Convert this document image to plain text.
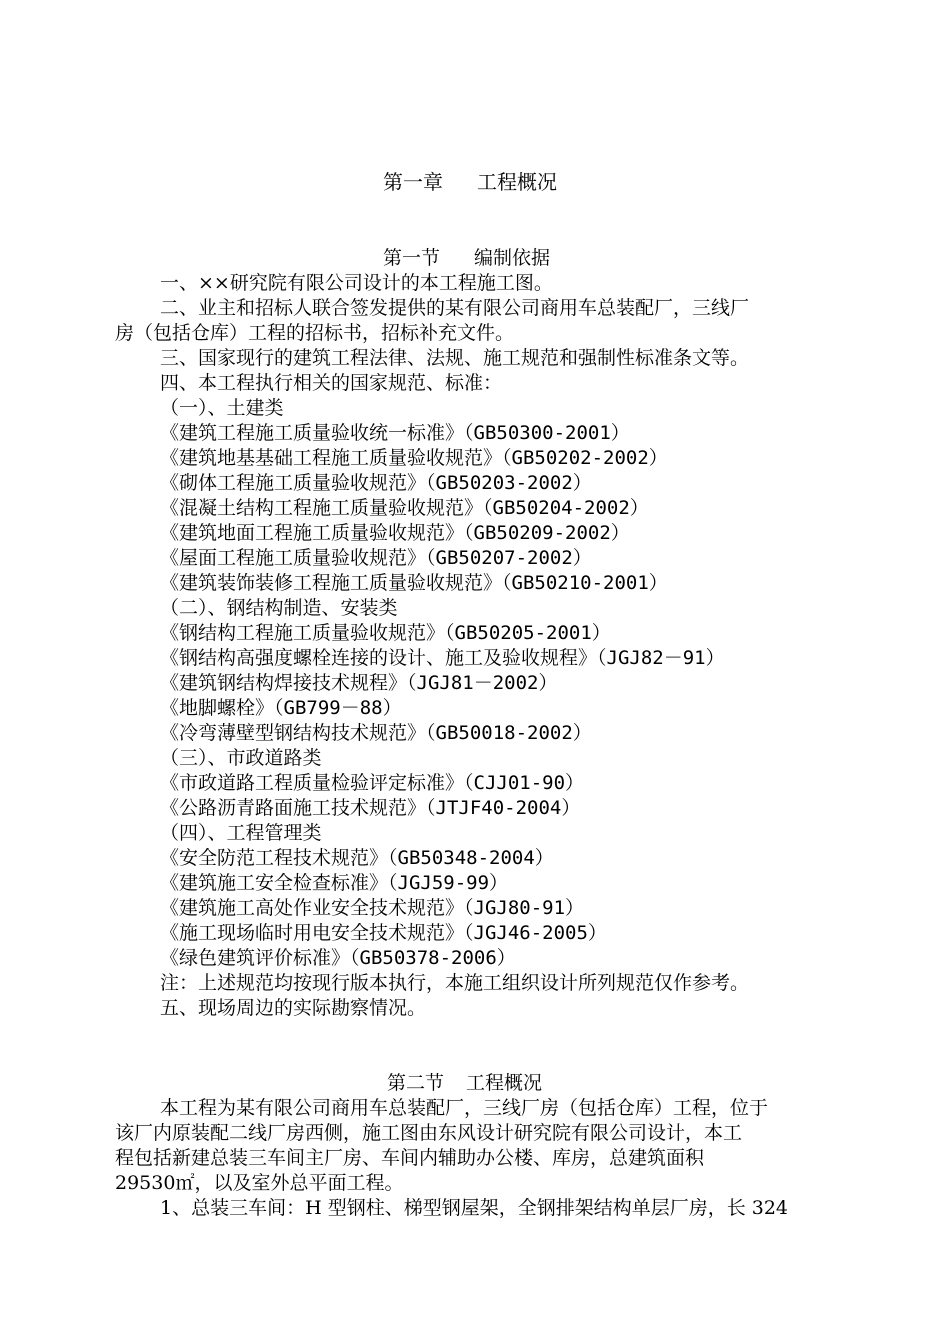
第一章 工程概况
第一节 编制依据
一、××研究院有限公司设计的本工程施工图。
二、业主和招标人联合签发提供的某有限公司商用车总装配厂，三线厂
房（包括仓库）工程的招标书，招标补充文件。
三、国家现行的建筑工程法律、法规、施工规范和强制性标准条文等。
四、本工程执行相关的国家规范、标准：
（一）、土建类
《建筑工程施工质量验收统一标准》（GB50300-2001）
《建筑地基基础工程施工质量验收规范》（GB50202-2002）
《砌体工程施工质量验收规范》（GB50203-2002）
《混凝土结构工程施工质量验收规范》（GB50204-2002）
《建筑地面工程施工质量验收规范》（GB50209-2002）
《屋面工程施工质量验收规范》（GB50207-2002）
《建筑装饰装修工程施工质量验收规范》（GB50210-2001）
（二）、钢结构制造、安装类
《钢结构工程施工质量验收规范》（GB50205-2001）
《钢结构高强度螺栓连接的设计、施工及验收规程》（JGJ82－91）
《建筑钢结构焊接技术规程》（JGJ81－2002）
《地脚螺栓》（GB799－88）
《冷弯薄壁型钢结构技术规范》（GB50018-2002）
（三）、市政道路类
《市政道路工程质量检验评定标准》（CJJ01-90）
《公路沥青路面施工技术规范》（JTJF40-2004）
（四）、工程管理类
《安全防范工程技术规范》（GB50348-2004）
《建筑施工安全检查标准》（JGJ59-99）
《建筑施工高处作业安全技术规范》（JGJ80-91）
《施工现场临时用电安全技术规范》（JGJ46-2005）
《绿色建筑评价标准》（GB50378-2006）
注：上述规范均按现行版本执行，本施工组织设计所列规范仅作参考。
五、现场周边的实际勘察情况。
第二节 工程概况
本工程为某有限公司商用车总装配厂，三线厂房（包括仓库）工程，位于
该厂内原装配二线厂房西侧，施工图由东风设计研究院有限公司设计，本工
程包括新建总装三车间主厂房、车间内辅助办公楼、库房，总建筑面积
29530㎡，以及室外总平面工程。
1、总装三车间：H 型钢柱、梯型钢屋架，全钢排架结构单层厂房，长 324
